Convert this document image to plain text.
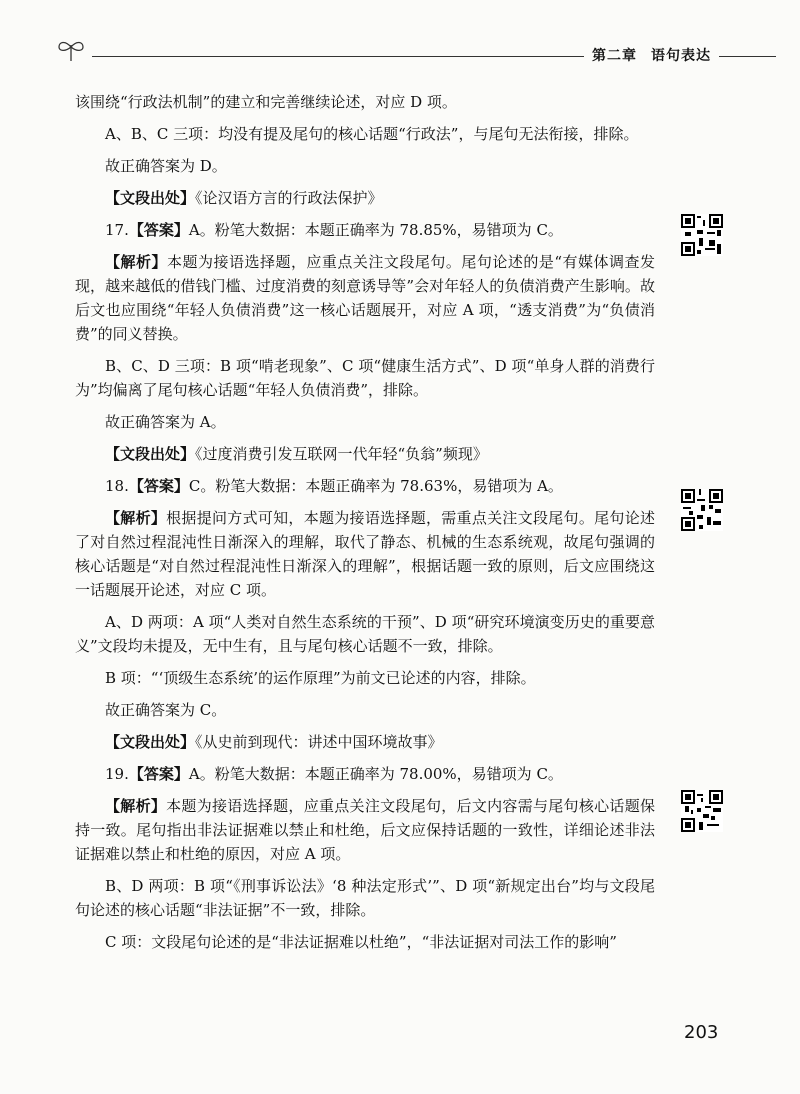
第二章 语句表达

该围绕“行政法机制”的建立和完善继续论述，对应 D 项。

A、B、C 三项：均没有提及尾句的核心话题“行政法”，与尾句无法衔接，排除。

故正确答案为 D。

【文段出处】《论汉语方言的行政法保护》

17.【答案】A。粉笔大数据：本题正确率为 78.85%，易错项为 C。

【解析】本题为接语选择题，应重点关注文段尾句。尾句论述的是“有媒体调查发现，越来越低的借钱门槛、过度消费的刻意诱导等”会对年轻人的负债消费产生影响。故后文也应围绕“年轻人负债消费”这一核心话题展开，对应 A 项，“透支消费”为“负债消费”的同义替换。

B、C、D 三项：B 项“啃老现象”、C 项“健康生活方式”、D 项“单身人群的消费行为”均偏离了尾句核心话题“年轻人负债消费”，排除。

故正确答案为 A。

【文段出处】《过度消费引发互联网一代年轻“负翁”频现》

18.【答案】C。粉笔大数据：本题正确率为 78.63%，易错项为 A。

【解析】根据提问方式可知，本题为接语选择题，需重点关注文段尾句。尾句论述了对自然过程混沌性日渐深入的理解，取代了静态、机械的生态系统观，故尾句强调的核心话题是“对自然过程混沌性日渐深入的理解”，根据话题一致的原则，后文应围绕这一话题展开论述，对应 C 项。

A、D 两项：A 项“人类对自然生态系统的干预”、D 项“研究环境演变历史的重要意义”文段均未提及，无中生有，且与尾句核心话题不一致，排除。

B 项：“‘顶级生态系统’的运作原理”为前文已论述的内容，排除。

故正确答案为 C。

【文段出处】《从史前到现代：讲述中国环境故事》

19.【答案】A。粉笔大数据：本题正确率为 78.00%，易错项为 C。

【解析】本题为接语选择题，应重点关注文段尾句，后文内容需与尾句核心话题保持一致。尾句指出非法证据难以禁止和杜绝，后文应保持话题的一致性，详细论述非法证据难以禁止和杜绝的原因，对应 A 项。

B、D 两项：B 项“《刑事诉讼法》‘8 种法定形式’”、D 项“新规定出台”均与文段尾句论述的核心话题“非法证据”不一致，排除。

C 项：文段尾句论述的是“非法证据难以杜绝”，“非法证据对司法工作的影响”

203
